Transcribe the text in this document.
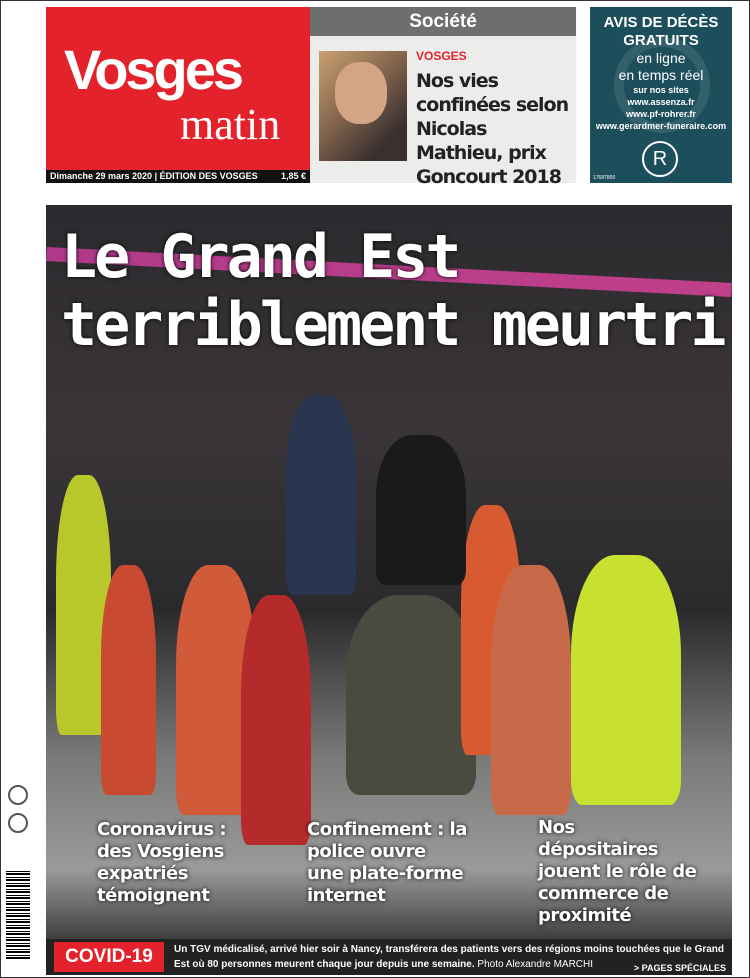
Vosges
matin
Dimanche 29 mars 2020 | ÉDITION DES VOSGES	1,85 €
Société
VOSGES
Nos vies confinées selon Nicolas Mathieu, prix Goncourt 2018
AVIS DE DÉCÈS
GRATUITS
en ligne
en temps réel
sur nos sites
www.assenza.fr
www.pf-rohrer.fr
www.gerardmer-funeraire.com
R
17687800
Le Grand Est
terriblement meurtri
Coronavirus : des Vosgiens expatriés témoignent
Confinement : la police ouvre une plate-forme internet
Nos dépositaires jouent le rôle de commerce de proximité
COVID-19	Un TGV médicalisé, arrivé hier soir à Nancy, transférera des patients vers des régions moins touchées que le Grand Est où 80 personnes meurent chaque jour depuis une semaine. Photo Alexandre MARCHI	> PAGES SPÉCIALES
